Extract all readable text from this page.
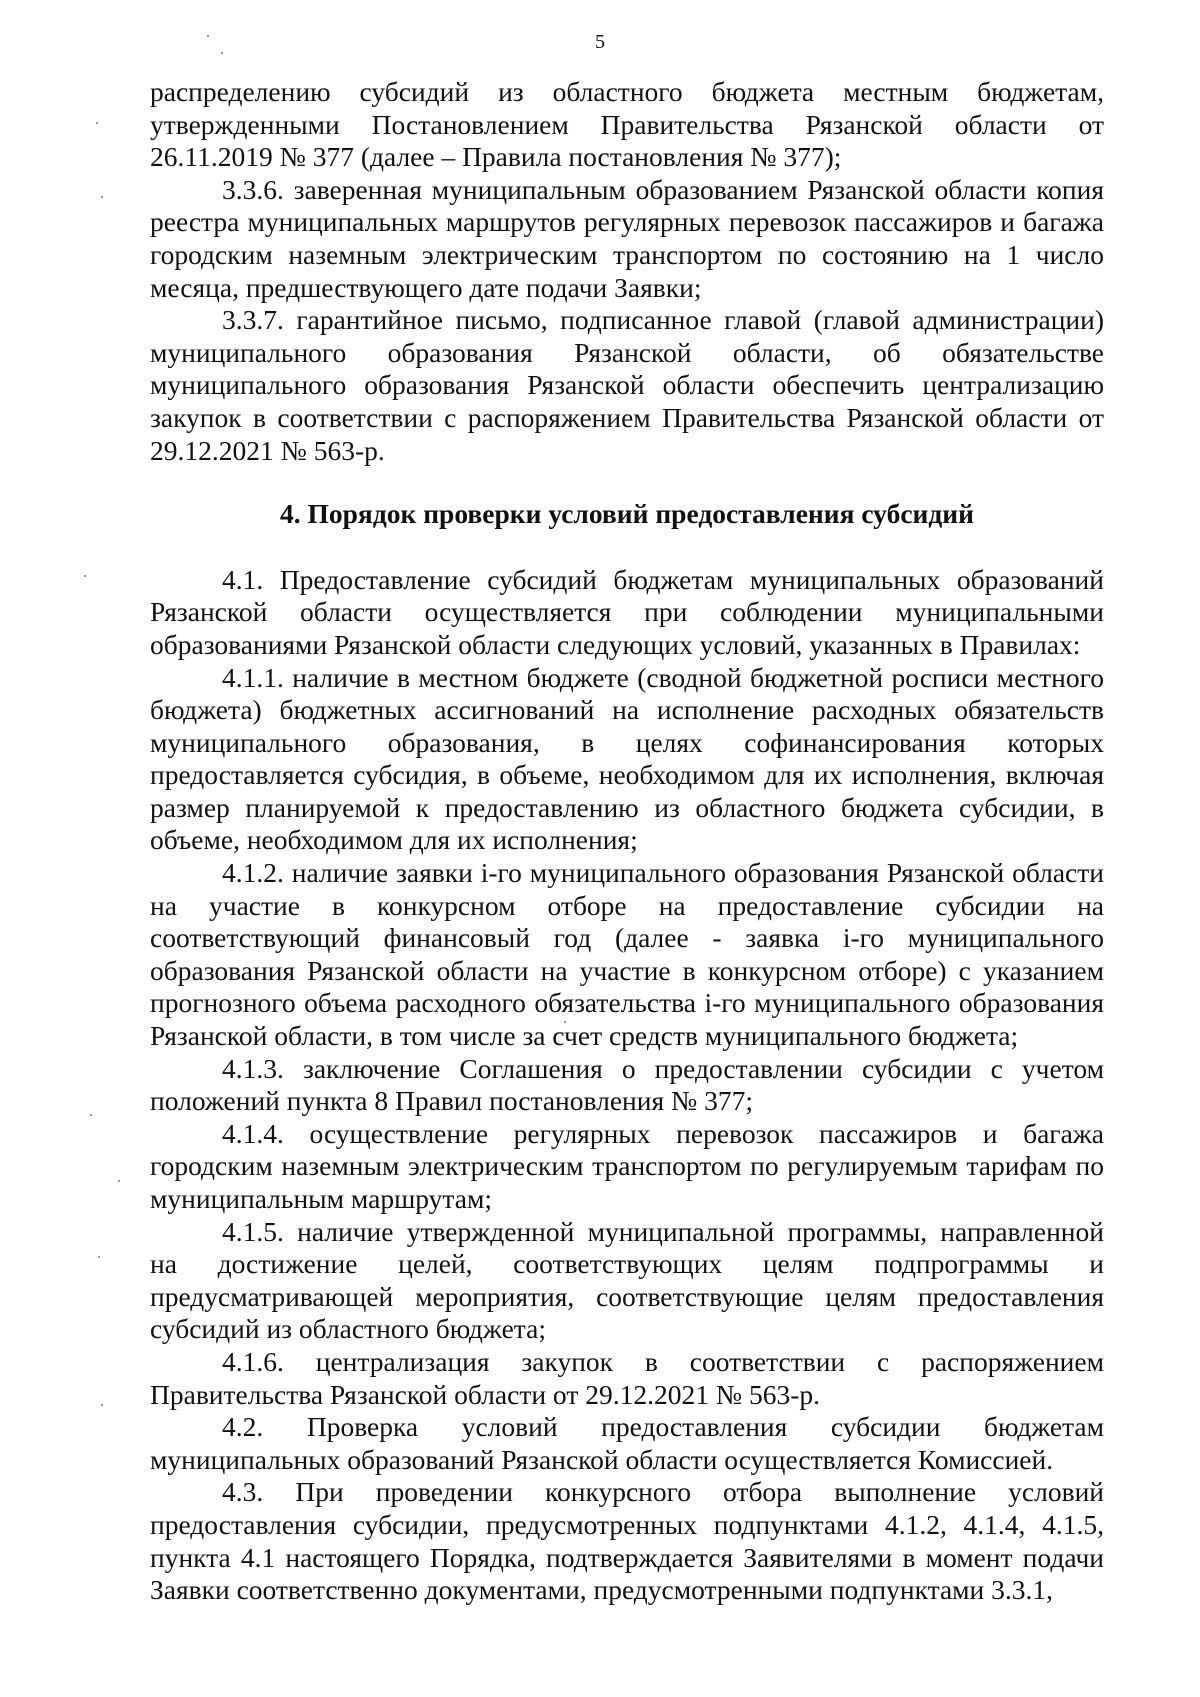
5

распределению субсидий из областного бюджета местным бюджетам, утвержденными Постановлением Правительства Рязанской области от 26.11.2019 № 377 (далее – Правила постановления № 377);

3.3.6. заверенная муниципальным образованием Рязанской области копия реестра муниципальных маршрутов регулярных перевозок пассажиров и багажа городским наземным электрическим транспортом по состоянию на 1 число месяца, предшествующего дате подачи Заявки;

3.3.7. гарантийное письмо, подписанное главой (главой администрации) муниципального образования Рязанской области, об обязательстве муниципального образования Рязанской области обеспечить централизацию закупок в соответствии с распоряжением Правительства Рязанской области от 29.12.2021 № 563-р.

4. Порядок проверки условий предоставления субсидий

4.1. Предоставление субсидий бюджетам муниципальных образований Рязанской области осуществляется при соблюдении муниципальными образованиями Рязанской области следующих условий, указанных в Правилах:

4.1.1. наличие в местном бюджете (сводной бюджетной росписи местного бюджета) бюджетных ассигнований на исполнение расходных обязательств муниципального образования, в целях софинансирования которых предоставляется субсидия, в объеме, необходимом для их исполнения, включая размер планируемой к предоставлению из областного бюджета субсидии, в объеме, необходимом для их исполнения;

4.1.2. наличие заявки i-го муниципального образования Рязанской области на участие в конкурсном отборе на предоставление субсидии на соответствующий финансовый год (далее - заявка i-го муниципального образования Рязанской области на участие в конкурсном отборе) с указанием прогнозного объема расходного обязательства i-го муниципального образования Рязанской области, в том числе за счет средств муниципального бюджета;

4.1.3. заключение Соглашения о предоставлении субсидии с учетом положений пункта 8 Правил постановления № 377;

4.1.4. осуществление регулярных перевозок пассажиров и багажа городским наземным электрическим транспортом по регулируемым тарифам по муниципальным маршрутам;

4.1.5. наличие утвержденной муниципальной программы, направленной на достижение целей, соответствующих целям подпрограммы и предусматривающей мероприятия, соответствующие целям предоставления субсидий из областного бюджета;

4.1.6. централизация закупок в соответствии с распоряжением Правительства Рязанской области от 29.12.2021 № 563-р.

4.2. Проверка условий предоставления субсидии бюджетам муниципальных образований Рязанской области осуществляется Комиссией.

4.3. При проведении конкурсного отбора выполнение условий предоставления субсидии, предусмотренных подпунктами 4.1.2, 4.1.4, 4.1.5, пункта 4.1 настоящего Порядка, подтверждается Заявителями в момент подачи Заявки соответственно документами, предусмотренными подпунктами 3.3.1,
